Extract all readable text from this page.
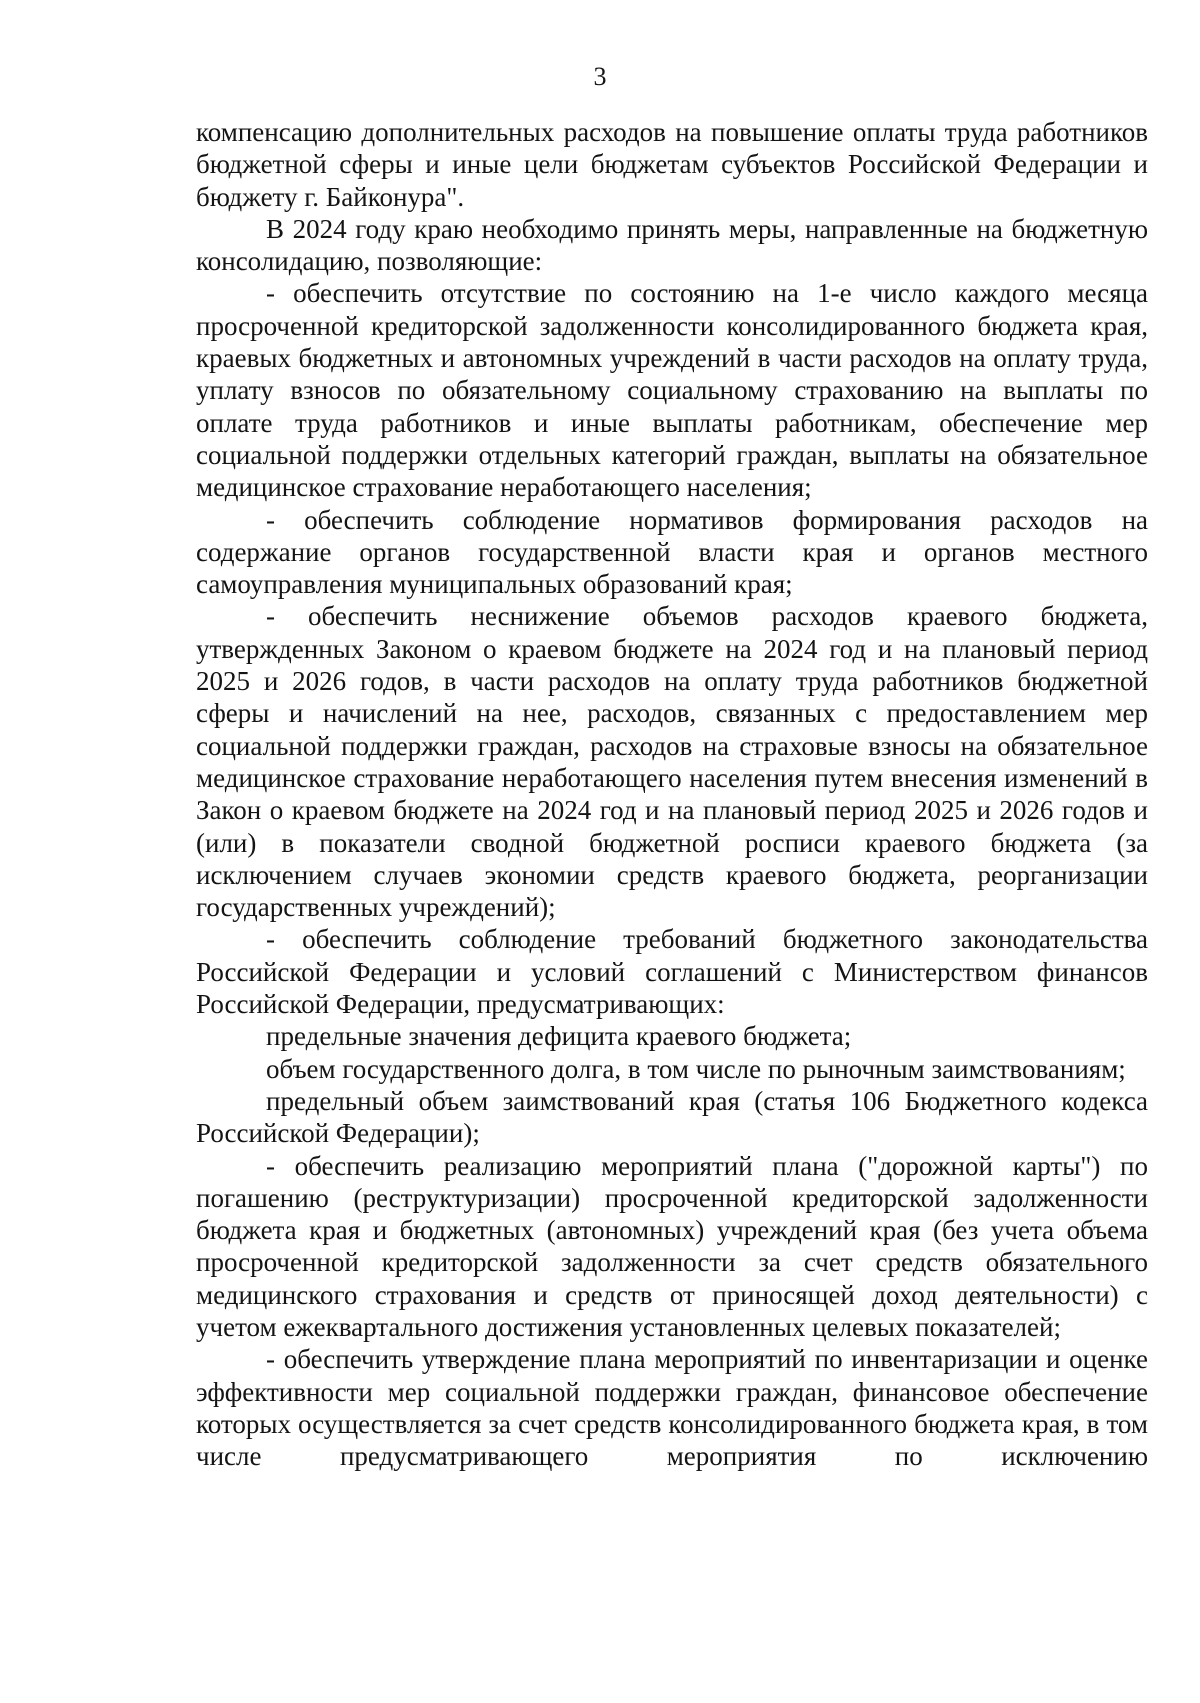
3

компенсацию дополнительных расходов на повышение оплаты труда работников бюджетной сферы и иные цели бюджетам субъектов Российской Федерации и бюджету г. Байконура".

В 2024 году краю необходимо принять меры, направленные на бюджетную консолидацию, позволяющие:

- обеспечить отсутствие по состоянию на 1-е число каждого месяца просроченной кредиторской задолженности консолидированного бюджета края, краевых бюджетных и автономных учреждений в части расходов на оплату труда, уплату взносов по обязательному социальному страхованию на выплаты по оплате труда работников и иные выплаты работникам, обеспечение мер социальной поддержки отдельных категорий граждан, выплаты на обязательное медицинское страхование неработающего населения;

- обеспечить соблюдение нормативов формирования расходов на содержание органов государственной власти края и органов местного самоуправления муниципальных образований края;

- обеспечить неснижение объемов расходов краевого бюджета, утвержденных Законом о краевом бюджете на 2024 год и на плановый период 2025 и 2026 годов, в части расходов на оплату труда работников бюджетной сферы и начислений на нее, расходов, связанных с предоставлением мер социальной поддержки граждан, расходов на страховые взносы на обязательное медицинское страхование неработающего населения путем внесения изменений в Закон о краевом бюджете на 2024 год и на плановый период 2025 и 2026 годов и (или) в показатели сводной бюджетной росписи краевого бюджета (за исключением случаев экономии средств краевого бюджета, реорганизации государственных учреждений);

- обеспечить соблюдение требований бюджетного законодательства Российской Федерации и условий соглашений с Министерством финансов Российской Федерации, предусматривающих:

предельные значения дефицита краевого бюджета;

объем государственного долга, в том числе по рыночным заимствованиям;

предельный объем заимствований края (статья 106 Бюджетного кодекса Российской Федерации);

- обеспечить реализацию мероприятий плана ("дорожной карты") по погашению (реструктуризации) просроченной кредиторской задолженности бюджета края и бюджетных (автономных) учреждений края (без учета объема просроченной кредиторской задолженности за счет средств обязательного медицинского страхования и средств от приносящей доход деятельности) с учетом ежеквартального достижения установленных целевых показателей;

- обеспечить утверждение плана мероприятий по инвентаризации и оценке эффективности мер социальной поддержки граждан, финансовое обеспечение которых осуществляется за счет средств консолидированного бюджета края, в том числе предусматривающего мероприятия по исключению
